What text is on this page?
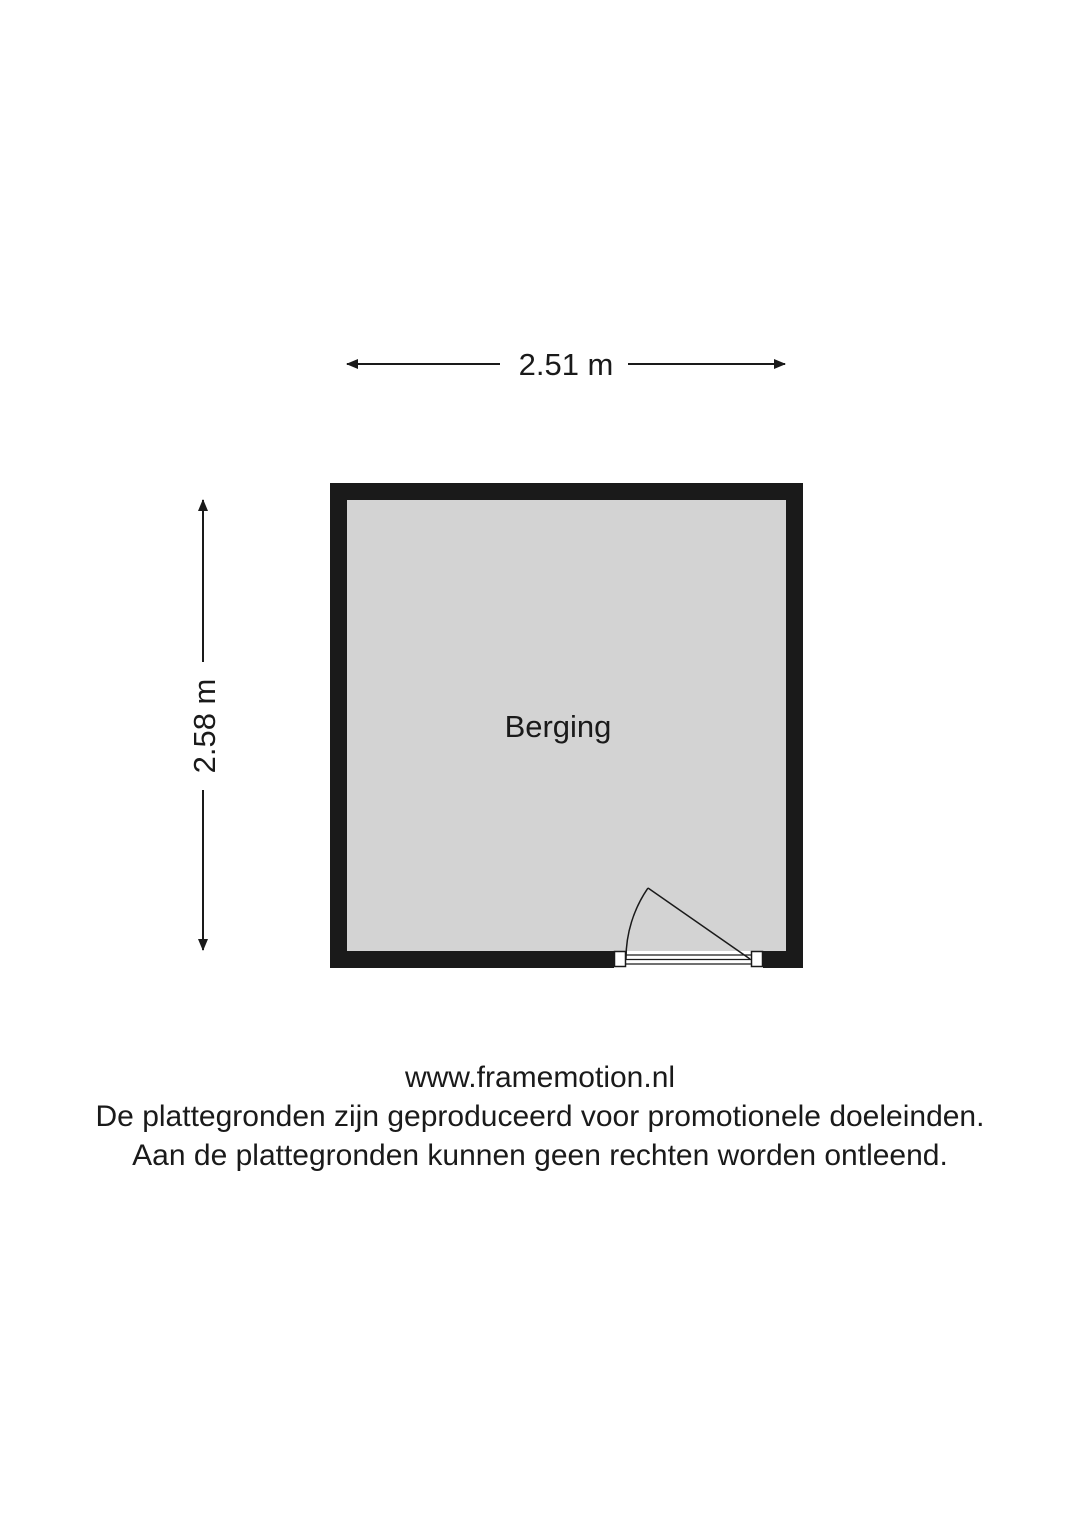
2.51 m
2.58 m	Berging
www.framemotion.nl
De plattegronden zijn geproduceerd voor promotionele doeleinden.
Aan de plattegronden kunnen geen rechten worden ontleend.
